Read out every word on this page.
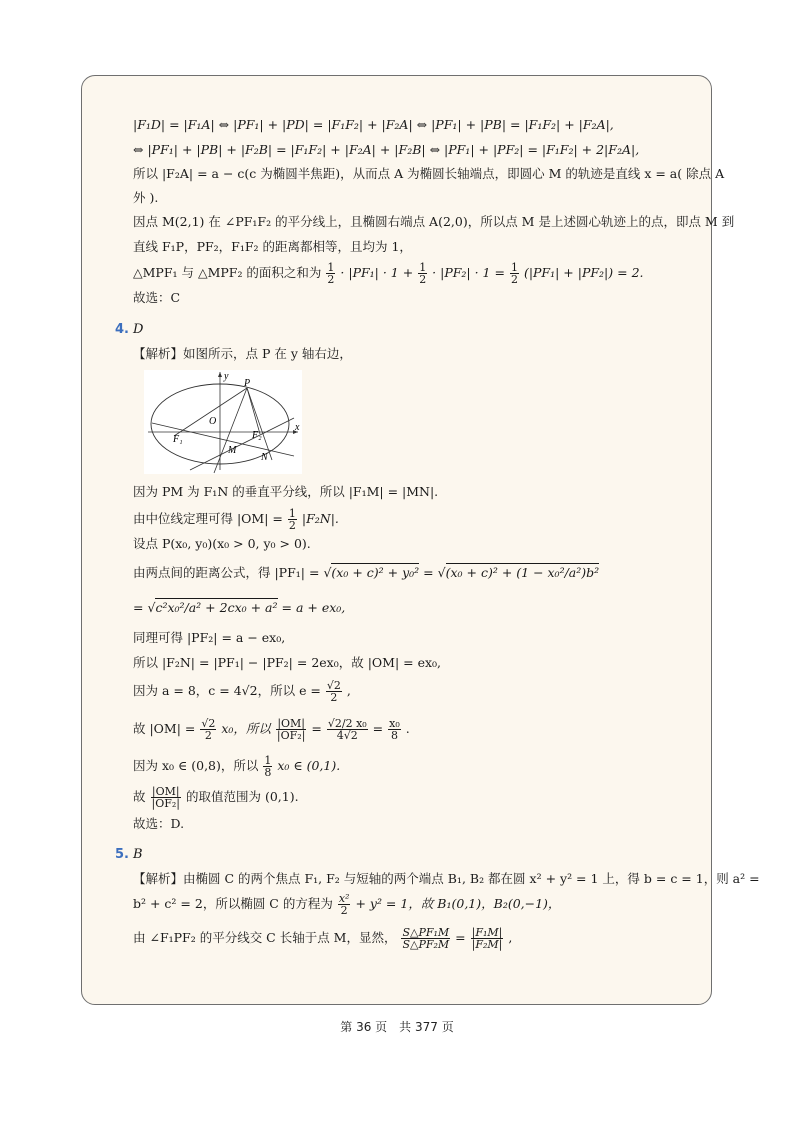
|F₁D| = |F₁A| ⇔ |PF₁| + |PD| = |F₁F₂| + |F₂A| ⇔ |PF₁| + |PB| = |F₁F₂| + |F₂A|,
⇔ |PF₁| + |PB| + |F₂B| = |F₁F₂| + |F₂A| + |F₂B| ⇔ |PF₁| + |PF₂| = |F₁F₂| + 2|F₂A|,
所以 |F₂A| = a − c(c 为椭圆半焦距)，从而点 A 为椭圆长轴端点，即圆心 M 的轨迹是直线 x = a( 除点 A
外 ).
因点 M(2,1) 在 ∠PF₁F₂ 的平分线上，且椭圆右端点 A(2,0)，所以点 M 是上述圆心轨迹上的点，即点 M 到
直线 F₁P，PF₂，F₁F₂ 的距离都相等，且均为 1，
△MPF₁ 与 △MPF₂ 的面积之和为 $\frac{1}{2} \cdot |PF_1| \cdot 1 + \frac{1}{2} \cdot |PF_2| \cdot 1 = \frac{1}{2} (|PF_1| + |PF_2|) = 2$.
故选：C
4. D
【解析】如图所示，点 P 在 y 轴右边，
y
x
P
O
F₁	F₂
M
N
因为 PM 为 F₁N 的垂直平分线，所以 |F₁M| = |MN|.
由中位线定理可得 $|OM| = \frac{1}{2} |F_2N|$.
设点 P(x₀, y₀)(x₀ > 0, y₀ > 0).
由两点间的距离公式，得 |PF₁| = √(x₀ + c)² + y₀² = √(x₀ + c)² + (1 − x₀²/a²)b²
= √c²x₀²/a² + 2cx₀ + a² = a + ex₀,
同理可得 |PF₂| = a − ex₀,
所以 |F₂N| = |PF₁| − |PF₂| = 2ex₀，故 |OM| = ex₀,
因为 a = 8，c = 4√2，所以 $e = \frac{√2}{2}$ ,
故 $|OM| = \frac{√2}{2} x_0$，所以 $\frac{|OM|}{\text{|OF₂|}} = \frac{\text{√2/2 x₀}}{4√2} = \frac{\text{x₀}}{8}$ .
因为 x₀ ∈ (0,8)，所以 $\frac{1}{8} x_0$ ∈ (0,1).
故 $\frac{|OM|}{\text{|OF₂|}}$ 的取值范围为 (0,1).
故选：D.
5. B
【解析】由椭圆 C 的两个焦点 F₁, F₂ 与短轴的两个端点 B₁, B₂ 都在圆 x² + y² = 1 上，得 b = c = 1，则 a² =
b² + c² = 2，所以椭圆 C 的方程为 $\frac{\text{x²}}{2} + y^2 = 1$，故 B₁(0,1)，B₂(0,−1)，
由 ∠F₁PF₂ 的平分线交 C 长轴于点 M，显然， $\frac{\text{S△PF₁M}}{\text{S△PF₂M}} = \frac{\text{|F₁M|}}{\text{|F₂M|}}$ ,
第 36 页　共 377 页
